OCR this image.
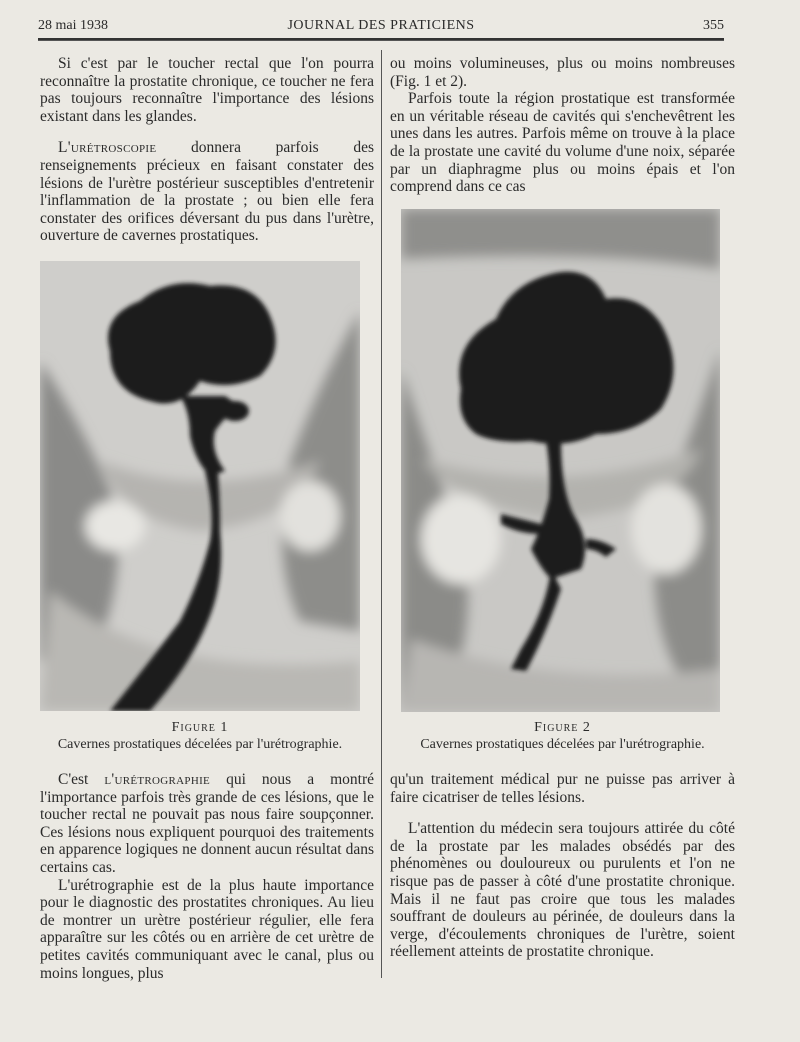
28 mai 1938	JOURNAL DES PRATICIENS	355

Si c'est par le toucher rectal que l'on pourra reconnaître la prostatite chronique, ce toucher ne fera pas toujours reconnaître l'importance des lésions existant dans les glandes.

L'urétroscopie donnera parfois des renseignements précieux en faisant constater des lésions de l'urètre postérieur susceptibles d'entretenir l'inflammation de la prostate ; ou bien elle fera constater des orifices déversant du pus dans l'urètre, ouverture de cavernes prostatiques.

ou moins volumineuses, plus ou moins nombreuses (Fig. 1 et 2).

Parfois toute la région prostatique est transformée en un véritable réseau de cavités qui s'enchevêtrent les unes dans les autres. Parfois même on trouve à la place de la prostate une cavité du volume d'une noix, séparée par un diaphragme plus ou moins épais et l'on comprend dans ce cas

Figure 1
Cavernes prostatiques décelées par l'urétrographie.
Figure 2
Cavernes prostatiques décelées par l'urétrographie.

C'est l'urétrographie qui nous a montré l'importance parfois très grande de ces lésions, que le toucher rectal ne pouvait pas nous faire soupçonner. Ces lésions nous expliquent pourquoi des traitements en apparence logiques ne donnent aucun résultat dans certains cas.

L'urétrographie est de la plus haute importance pour le diagnostic des prostatites chroniques. Au lieu de montrer un urètre postérieur régulier, elle fera apparaître sur les côtés ou en arrière de cet urètre de petites cavités communiquant avec le canal, plus ou moins longues, plus

qu'un traitement médical pur ne puisse pas arriver à faire cicatriser de telles lésions.

L'attention du médecin sera toujours attirée du côté de la prostate par les malades obsédés par des phénomènes ou douloureux ou purulents et l'on ne risque pas de passer à côté d'une prostatite chronique. Mais il ne faut pas croire que tous les malades souffrant de douleurs au périnée, de douleurs dans la verge, d'écoulements chroniques de l'urètre, soient réellement atteints de prostatite chronique.
